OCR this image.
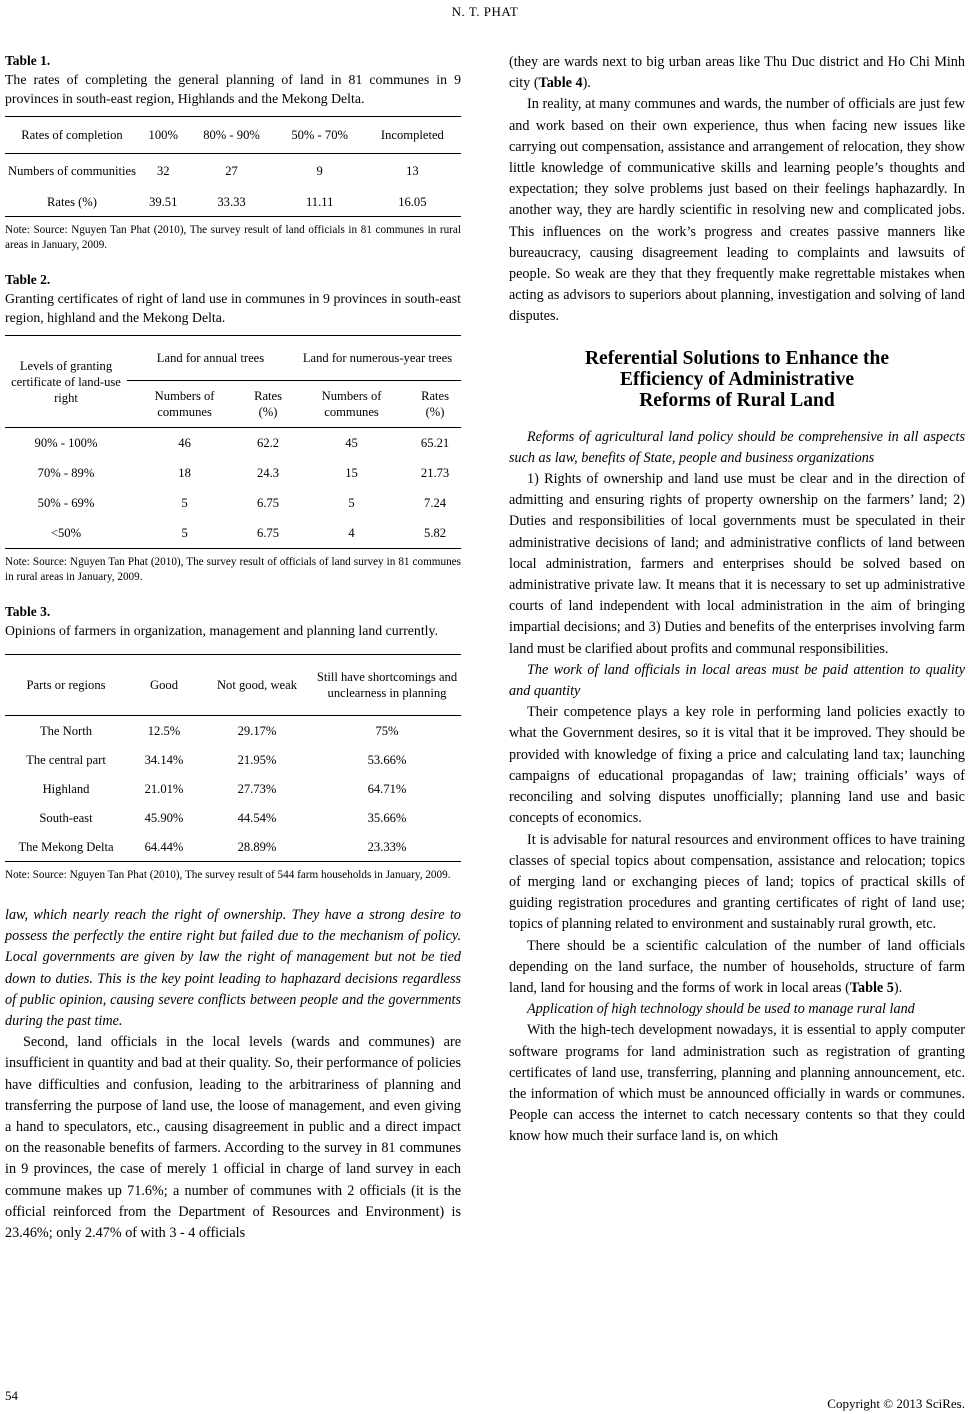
N. T. PHAT

Table 1.

The rates of completing the general planning of land in 81 communes in 9 provinces in south-east region, Highlands and the Mekong Delta.

Rates of completion	100%	80% - 90%	50% - 70%	Incompleted
Numbers of communities	32	27	9	13
Rates (%)	39.51	33.33	11.11	16.05

Note: Source: Nguyen Tan Phat (2010), The survey result of land officials in 81 communes in rural areas in January, 2009.

Table 2.

Granting certificates of right of land use in communes in 9 provinces in south-east region, highland and the Mekong Delta.

Levels of granting certificate of land-use right	Land for annual trees		Land for numerous-year trees	
	Numbers of communes	Rates (%)	Numbers of communes	Rates (%)
90% - 100%	46	62.2	45	65.21
70% - 89%	18	24.3	15	21.73
50% - 69%	5	6.75	5	7.24
<50%	5	6.75	4	5.82

Note: Source: Nguyen Tan Phat (2010), The survey result of officials of land survey in 81 communes in rural areas in January, 2009.

Table 3.

Opinions of farmers in organization, management and planning land currently.

Parts or regions	Good	Not good, weak	Still have shortcomings and unclearness in planning
The North	12.5%	29.17%	75%
The central part	34.14%	21.95%	53.66%
Highland	21.01%	27.73%	64.71%
South-east	45.90%	44.54%	35.66%
The Mekong Delta	64.44%	28.89%	23.33%

Note: Source: Nguyen Tan Phat (2010), The survey result of 544 farm households in January, 2009.

law, which nearly reach the right of ownership. They have a strong desire to possess the perfectly the entire right but failed due to the mechanism of policy. Local governments are given by law the right of management but not be tied down to duties. This is the key point leading to haphazard decisions regardless of public opinion, causing severe conflicts between people and the governments during the past time.

Second, land officials in the local levels (wards and communes) are insufficient in quantity and bad at their quality. So, their performance of policies have difficulties and confusion, leading to the arbitrariness of planning and transferring the purpose of land use, the loose of management, and even giving a hand to speculators, etc., causing disagreement in public and a direct impact on the reasonable benefits of farmers. According to the survey in 81 communes in 9 provinces, the case of merely 1 official in charge of land survey in each commune makes up 71.6%; a number of communes with 2 officials (it is the official reinforced from the Department of Resources and Environment) is 23.46%; only 2.47% of with 3 - 4 officials

(they are wards next to big urban areas like Thu Duc district and Ho Chi Minh city (Table 4).

In reality, at many communes and wards, the number of officials are just few and work based on their own experience, thus when facing new issues like carrying out compensation, assistance and arrangement of relocation, they show little knowledge of communicative skills and learning people’s thoughts and expectation; they solve problems just based on their feelings haphazardly. In another way, they are hardly scientific in resolving new and complicated jobs. This influences on the work’s progress and creates passive manners like bureaucracy, causing disagreement leading to complaints and lawsuits of people. So weak are they that they frequently make regrettable mistakes when acting as advisors to superiors about planning, investigation and solving of land disputes.

Referential Solutions to Enhance the
Efficiency of Administrative
Reforms of Rural Land

Reforms of agricultural land policy should be comprehensive in all aspects such as law, benefits of State, people and business organizations

1) Rights of ownership and land use must be clear and in the direction of admitting and ensuring rights of property ownership on the farmers’ land; 2) Duties and responsibilities of local governments must be speculated in their administrative decisions of land; and administrative conflicts of land between local administration, farmers and enterprises should be solved based on administrative private law. It means that it is necessary to set up administrative courts of land independent with local administration in the aim of bringing impartial decisions; and 3) Duties and benefits of the enterprises involving farm land must be clarified about profits and communal responsibilities.

The work of land officials in local areas must be paid attention to quality and quantity

Their competence plays a key role in performing land policies exactly to what the Government desires, so it is vital that it be improved. They should be provided with knowledge of fixing a price and calculating land tax; launching campaigns of educational propagandas of law; training officials’ ways of reconciling and solving disputes unofficially; planning land use and basic concepts of economics.

It is advisable for natural resources and environment offices to have training classes of special topics about compensation, assistance and relocation; topics of merging land or exchanging pieces of land; topics of practical skills of guiding registration procedures and granting certificates of right of land use; topics of planning related to environment and sustainably rural growth, etc.

There should be a scientific calculation of the number of land officials depending on the land surface, the number of households, structure of farm land, land for housing and the forms of work in local areas (Table 5).

Application of high technology should be used to manage rural land

With the high-tech development nowadays, it is essential to apply computer software programs for land administration such as registration of granting certificates of land use, transferring, planning and planning announcement, etc. the information of which must be announced officially in wards or communes. People can access the internet to catch necessary contents so that they could know how much their surface land is, on which

54
Copyright © 2013 SciRes.
